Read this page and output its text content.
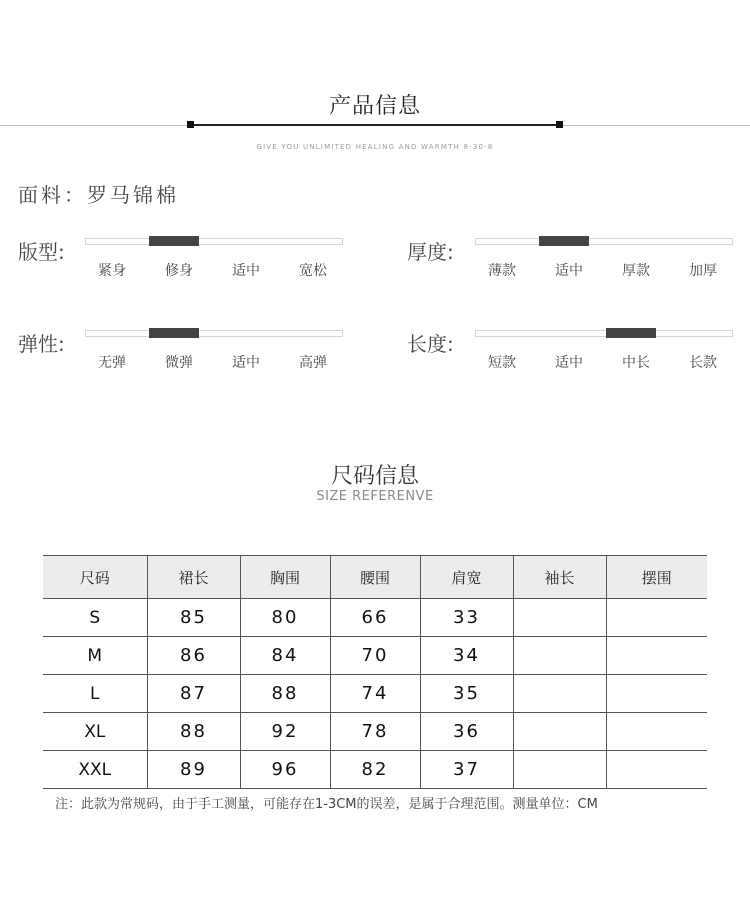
产品信息
GIVE YOU UNLIMITED HEALING AND WARMTH 8-30-8
面料：罗马锦棉
版型:
紧身	修身	适中	宽松
厚度:
薄款	适中	厚款	加厚
弹性:
无弹	微弹	适中	高弹
长度:
短款	适中	中长	长款
尺码信息
SIZE REFERENVE
尺码	裙长	胸围	腰围	肩宽	袖长	摆围
S	85	80	66	33		
M	86	84	70	34		
L	87	88	74	35		
XL	88	92	78	36		
XXL	89	96	82	37		
注：此款为常规码，由于手工测量，可能存在1-3CM的误差，是属于合理范围。测量单位：CM
